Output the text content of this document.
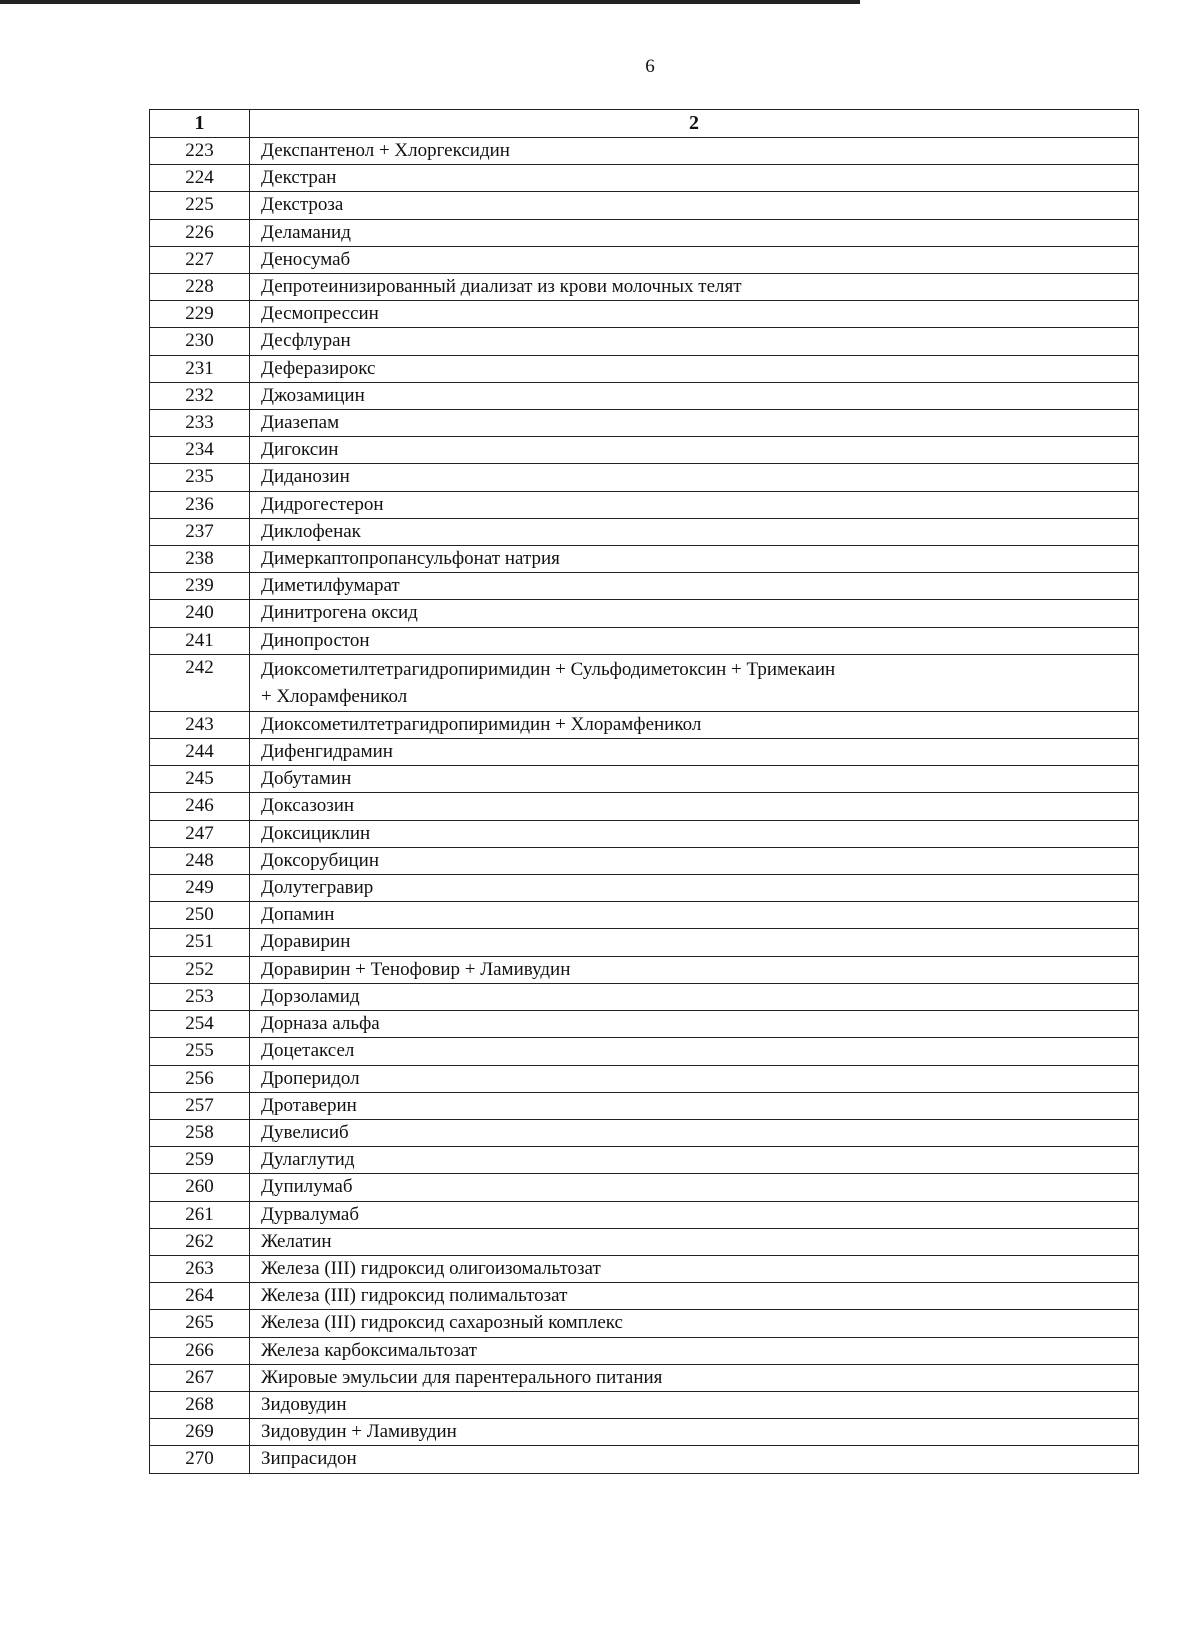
6
1	2
223	Декспантенол + Хлоргексидин
224	Декстран
225	Декстроза
226	Деламанид
227	Деносумаб
228	Депротеинизированный диализат из крови молочных телят
229	Десмопрессин
230	Десфлуран
231	Деферазирокс
232	Джозамицин
233	Диазепам
234	Дигоксин
235	Диданозин
236	Дидрогестерон
237	Диклофенак
238	Димеркаптопропансульфонат натрия
239	Диметилфумарат
240	Динитрогена оксид
241	Динопростон
242	Диоксометилтетрагидропиримидин + Сульфодиметоксин + Тримекаин
+ Хлорамфеникол
243	Диоксометилтетрагидропиримидин + Хлорамфеникол
244	Дифенгидрамин
245	Добутамин
246	Доксазозин
247	Доксициклин
248	Доксорубицин
249	Долутегравир
250	Допамин
251	Доравирин
252	Доравирин + Тенофовир + Ламивудин
253	Дорзоламид
254	Дорназа альфа
255	Доцетаксел
256	Дроперидол
257	Дротаверин
258	Дувелисиб
259	Дулаглутид
260	Дупилумаб
261	Дурвалумаб
262	Желатин
263	Железа (III) гидроксид олигоизомальтозат
264	Железа (III) гидроксид полимальтозат
265	Железа (III) гидроксид сахарозный комплекс
266	Железа карбоксимальтозат
267	Жировые эмульсии для парентерального питания
268	Зидовудин
269	Зидовудин + Ламивудин
270	Зипрасидон
